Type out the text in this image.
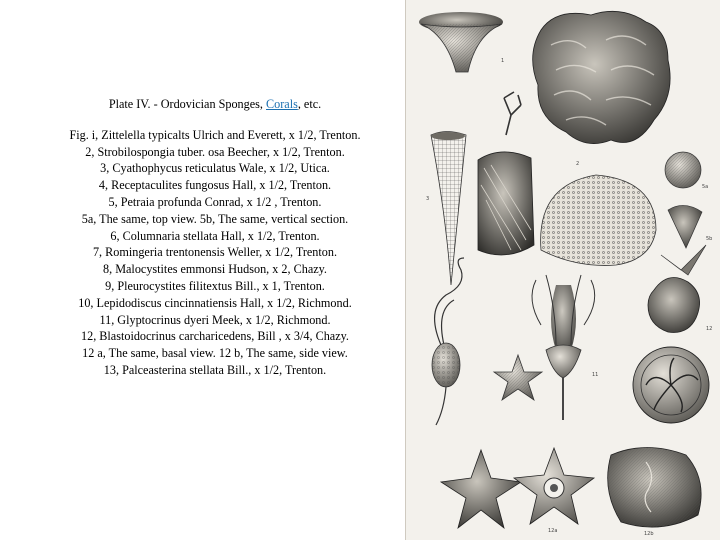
Plate IV. - Ordovician Sponges, Corals, etc.
Fig. i, Zittelella typicalts Ulrich and Everett, x 1/2, Trenton.
2, Strobilospongia tuber. osa Beecher, x 1/2, Trenton.
3, Cyathophycus reticulatus Wale, x 1/2, Utica.
4, Receptaculites fungosus Hall, x 1/2, Trenton.
5, Petraia profunda Conrad, x 1/2 , Trenton.
5a, The same, top view. 5b, The same, vertical section.
6, Columnaria stellata Hall, x 1/2, Trenton.
7, Romingeria trentonensis Weller, x 1/2, Trenton.
8, Malocystites emmonsi Hudson, x 2, Chazy.
9, Pleurocystites filitextus Bill., x 1, Trenton.
10, Lepidodiscus cincinnatiensis Hall, x 1/2, Richmond.
11, Glyptocrinus dyeri Meek, x 1/2, Richmond.
12, Blastoidocrinus carcharicedens, Bill , x 3/4, Chazy.
12 a, The same, basal view. 12 b, The same, side view.
13, Palceasterina stellata Bill., x 1/2, Trenton.
1
2
3
5b
5a
11
12
12a	12b
